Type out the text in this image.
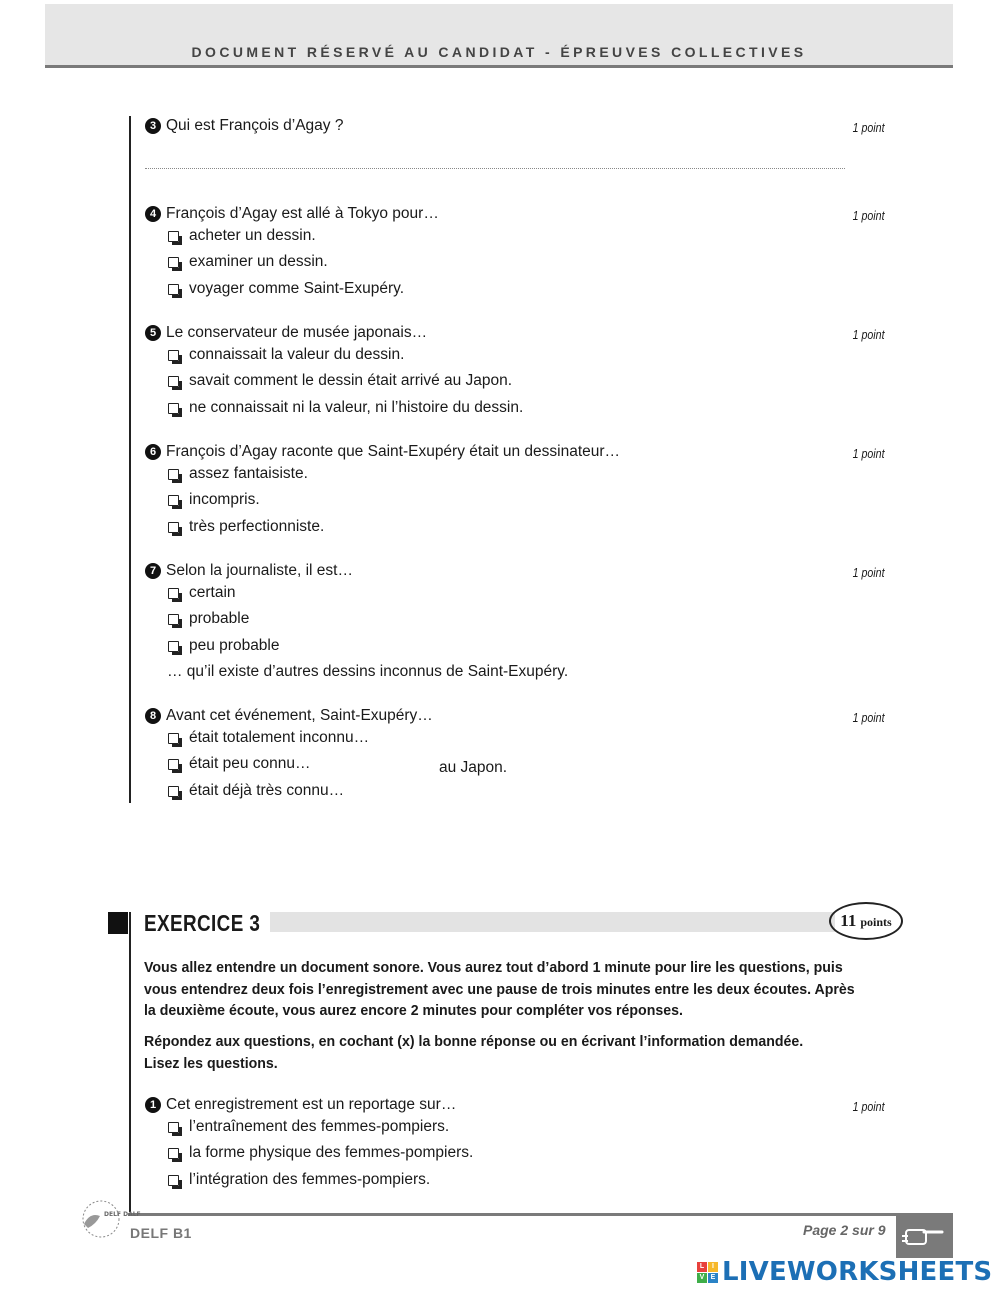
DOCUMENT RÉSERVÉ AU CANDIDAT - ÉPREUVES COLLECTIVES
3 Qui est François d’Agay ?	1 point
4 François d’Agay est allé à Tokyo pour…	1 point
acheter un dessin.
examiner un dessin.
voyager comme Saint-Exupéry.
5 Le conservateur de musée japonais…	1 point
connaissait la valeur du dessin.
savait comment le dessin était arrivé au Japon.
ne connaissait ni la valeur, ni l’histoire du dessin.
6 François d’Agay raconte que Saint-Exupéry était un dessinateur…	1 point
assez fantaisiste.
incompris.
très perfectionniste.
7 Selon la journaliste, il est…	1 point
certain
probable
peu probable
… qu’il existe d’autres dessins inconnus de Saint-Exupéry.
8 Avant cet événement, Saint-Exupéry…	1 point
était totalement inconnu…
était peu connu…
était déjà très connu…
au Japon.
EXERCICE 3	11 points
Vous allez entendre un document sonore. Vous aurez tout d’abord 1 minute pour lire les questions, puis vous entendrez deux fois l’enregistrement avec une pause de trois minutes entre les deux écoutes. Après la deuxième écoute, vous aurez encore 2 minutes pour compléter vos réponses.
Répondez aux questions, en cochant (x) la bonne réponse ou en écrivant l’information demandée.
Lisez les questions.
1 Cet enregistrement est un reportage sur…	1 point
l’entraînement des femmes-pompiers.
la forme physique des femmes-pompiers.
l’intégration des femmes-pompiers.
DELF DALF
DELF B1	Page 2 sur 9
L	I
V E LIVEWORKSHEETS
